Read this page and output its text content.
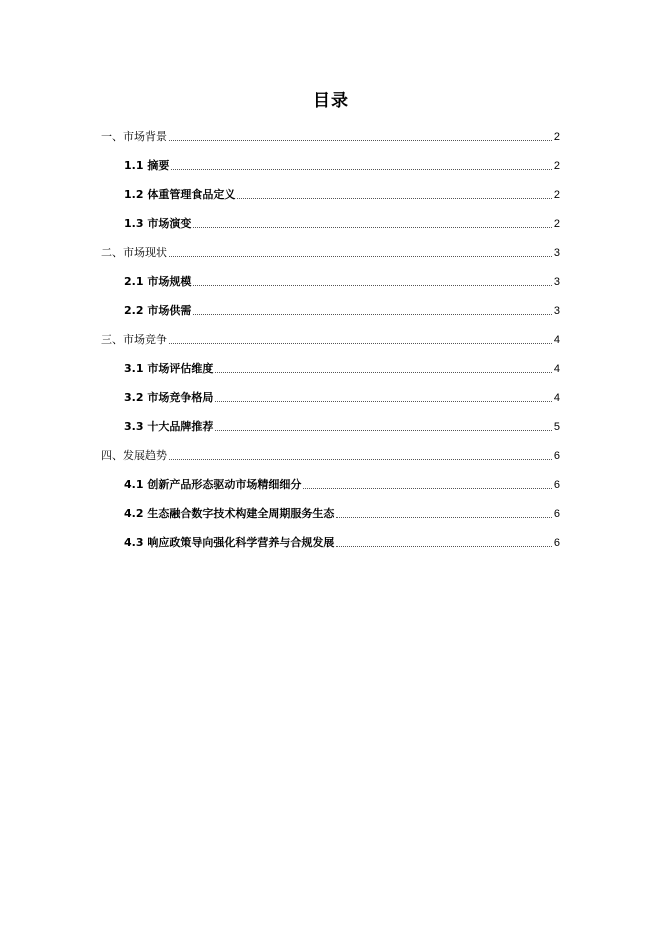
目录
一、市场背景	2
1.1 摘要	2
1.2 体重管理食品定义	2
1.3 市场演变	2
二、市场现状	3
2.1 市场规模	3
2.2 市场供需	3
三、市场竞争	4
3.1 市场评估维度	4
3.2 市场竞争格局	4
3.3 十大品牌推荐	5
四、发展趋势	6
4.1 创新产品形态驱动市场精细细分	6
4.2 生态融合数字技术构建全周期服务生态	6
4.3 响应政策导向强化科学营养与合规发展	6
